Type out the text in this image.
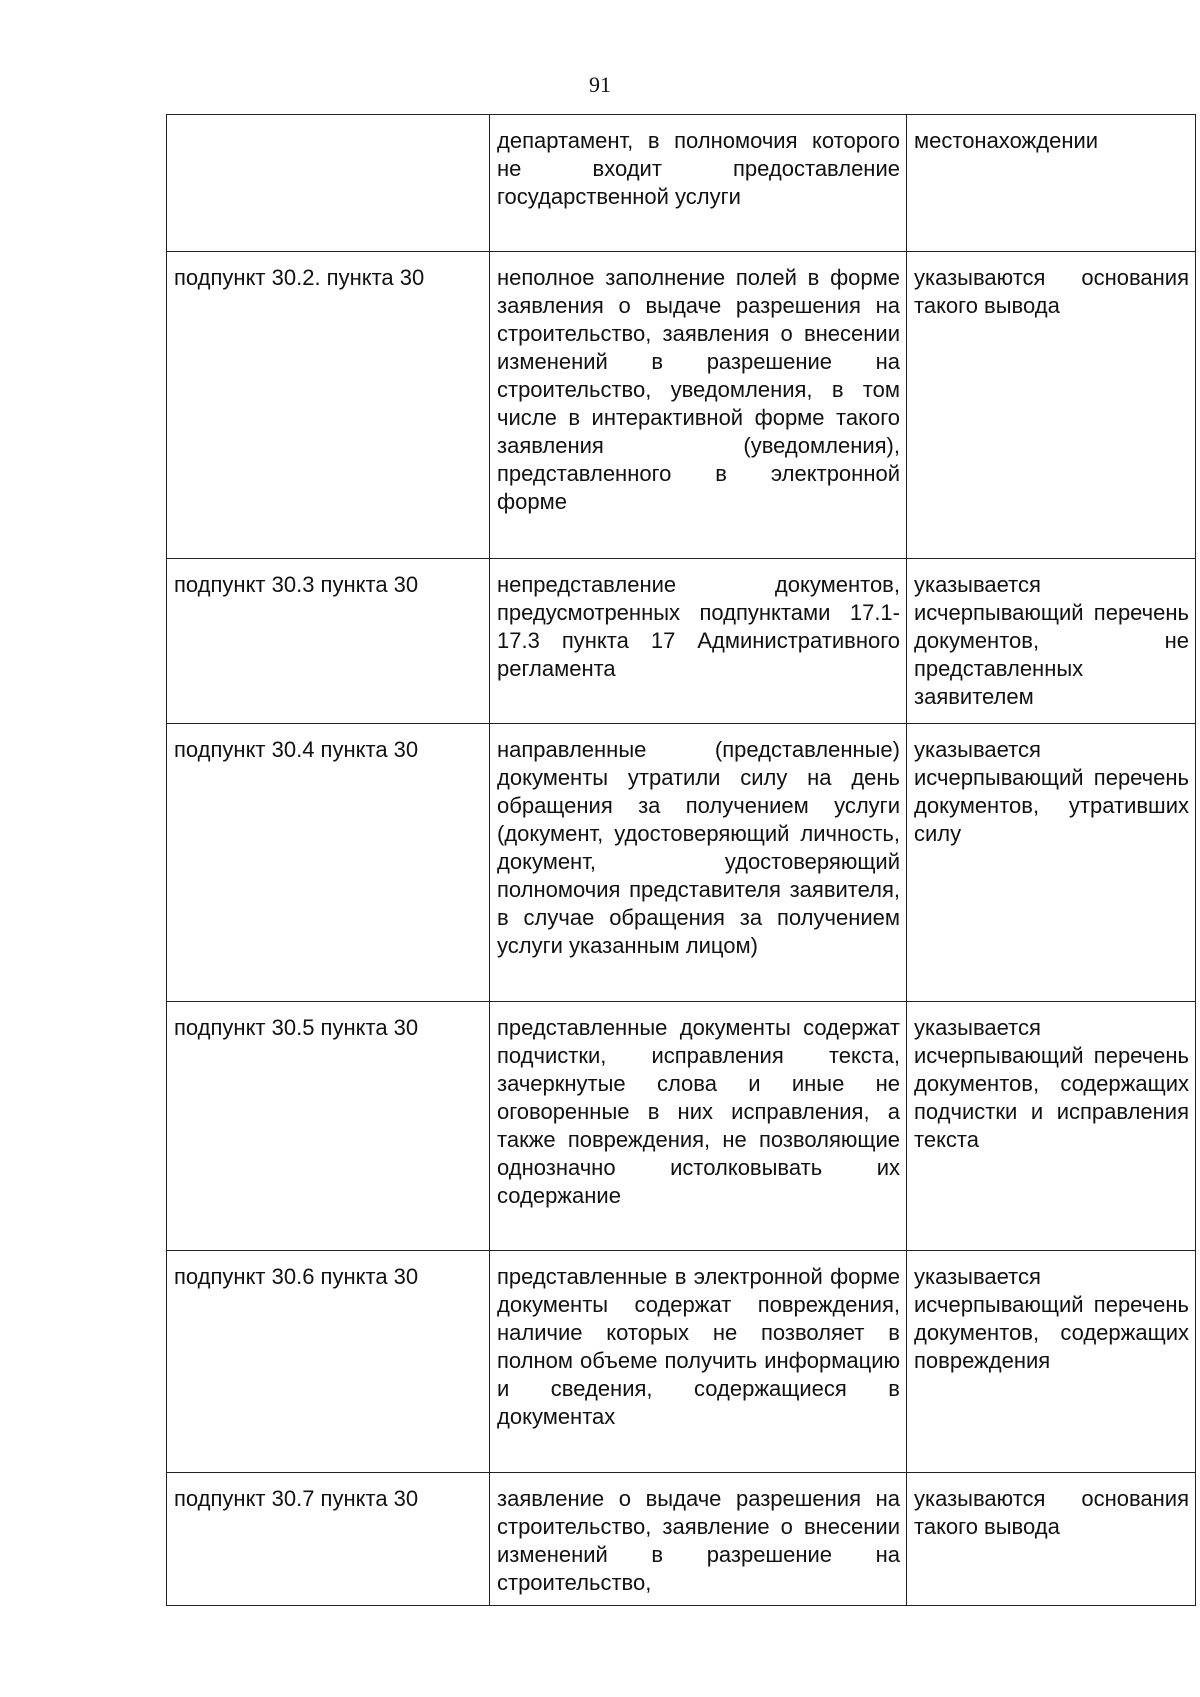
91
	департамент, в полномочия которого не входит предоставление государственной услуги	местонахождении
подпункт 30.2. пункта 30	неполное заполнение полей в форме заявления о выдаче разрешения на строительство, заявления о внесении изменений в разрешение на строительство, уведомления, в том числе в интерактивной форме такого заявления (уведомления), представленного в электронной форме	указываются основания такого вывода
подпункт 30.3 пункта 30	непредставление документов, предусмотренных подпунктами 17.1-17.3 пункта 17 Административного регламента	указывается исчерпывающий перечень документов, не представленных заявителем
подпункт 30.4 пункта 30	направленные (представленные) документы утратили силу на день обращения за получением услуги (документ, удостоверяющий личность, документ, удостоверяющий полномочия представителя заявителя, в случае обращения за получением услуги указанным лицом)	указывается исчерпывающий перечень документов, утративших силу
подпункт 30.5 пункта 30	представленные документы содержат подчистки, исправления текста, зачеркнутые слова и иные не оговоренные в них исправления, а также повреждения, не позволяющие однозначно истолковывать их содержание	указывается исчерпывающий перечень документов, содержащих подчистки и исправления текста
подпункт 30.6 пункта 30	представленные в электронной форме документы содержат повреждения, наличие которых не позволяет в полном объеме получить информацию и сведения, содержащиеся в документах	указывается исчерпывающий перечень документов, содержащих повреждения
подпункт 30.7 пункта 30	заявление о выдаче разрешения на строительство, заявление о внесении изменений в разрешение на строительство,	указываются основания такого вывода
